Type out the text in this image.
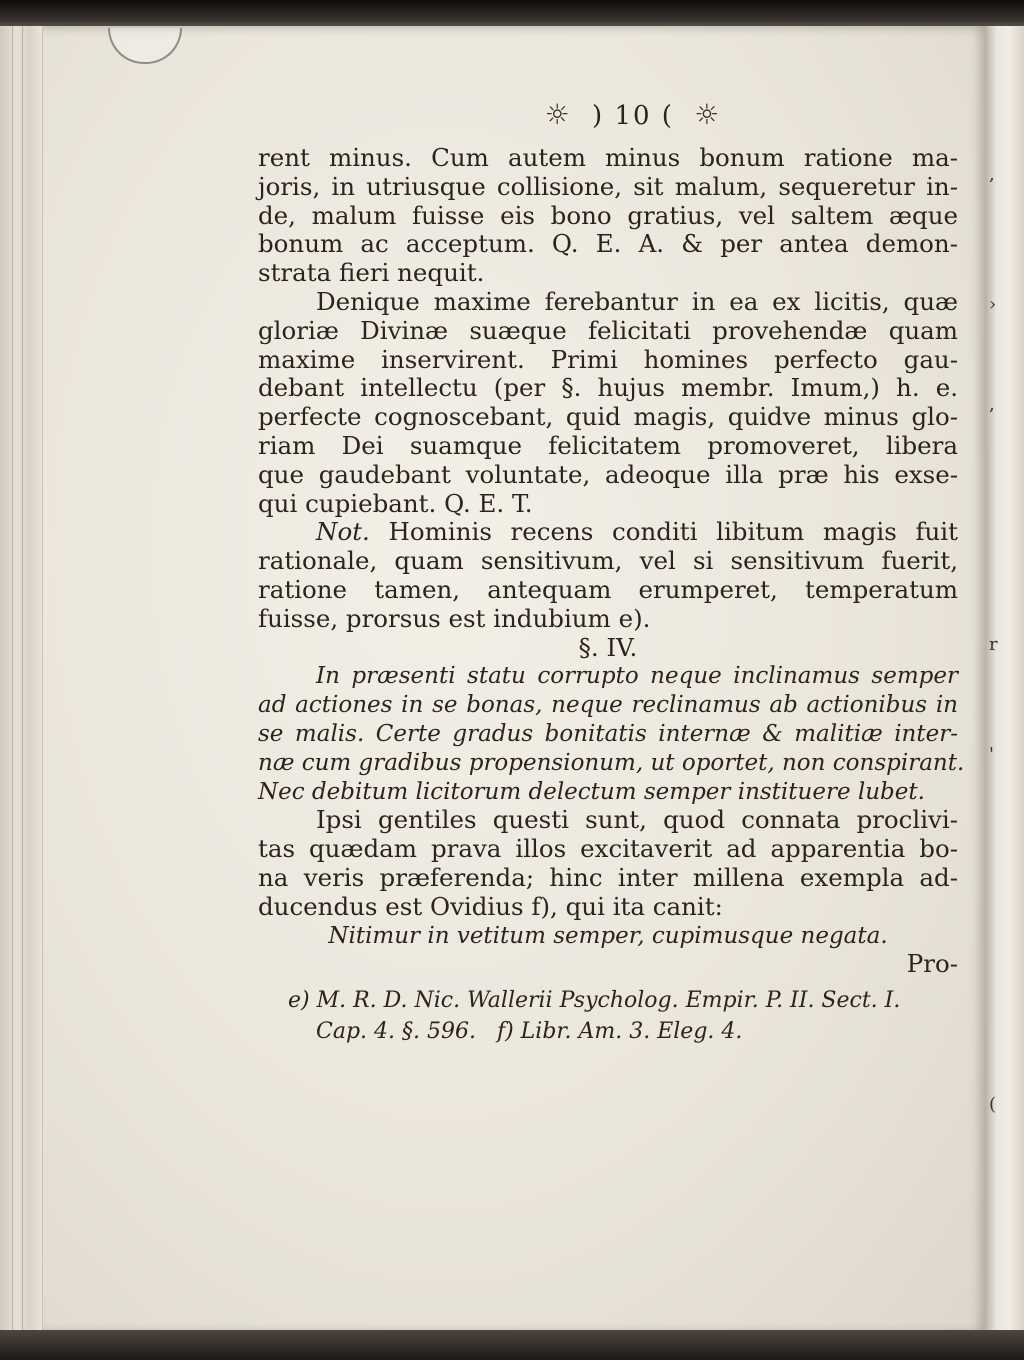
,
›
,
r
'
(
☼ ) 10 ( ☼
rent minus. Cum autem minus bonum ratione ma-
joris, in utriusque collisione, sit malum, sequeretur in-
de, malum fuisse eis bono gratius, vel saltem æque
bonum ac acceptum. Q. E. A. & per antea demon-
strata fieri nequit.
Denique maxime ferebantur in ea ex licitis, quæ
gloriæ Divinæ suæque felicitati provehendæ quam
maxime inservirent. Primi homines perfecto gau-
debant intellectu (per §. hujus membr. Imum,) h. e.
perfecte cognoscebant, quid magis, quidve minus glo-
riam Dei suamque felicitatem promoveret, libera
que gaudebant voluntate, adeoque illa præ his exse-
qui cupiebant. Q. E. T.
Not. Hominis recens conditi libitum magis fuit
rationale, quam sensitivum, vel si sensitivum fuerit,
ratione tamen, antequam erumperet, temperatum
fuisse, prorsus est indubium e).
§. IV.
In præsenti statu corrupto neque inclinamus semper
ad actiones in se bonas, neque reclinamus ab actionibus in
se malis. Certe gradus bonitatis internæ & malitiæ inter-
næ cum gradibus propensionum, ut oportet, non conspirant.
Nec debitum licitorum delectum semper instituere lubet.
Ipsi gentiles questi sunt, quod connata proclivi-
tas quædam prava illos excitaverit ad apparentia bo-
na veris præferenda; hinc inter millena exempla ad-
ducendus est Ovidius f), qui ita canit:
Nitimur in vetitum semper, cupimusque negata.
Pro-
e) M. R. D. Nic. Wallerii Psycholog. Empir. P. II. Sect. I.
Cap. 4. §. 596.   f) Libr. Am. 3. Eleg. 4.
